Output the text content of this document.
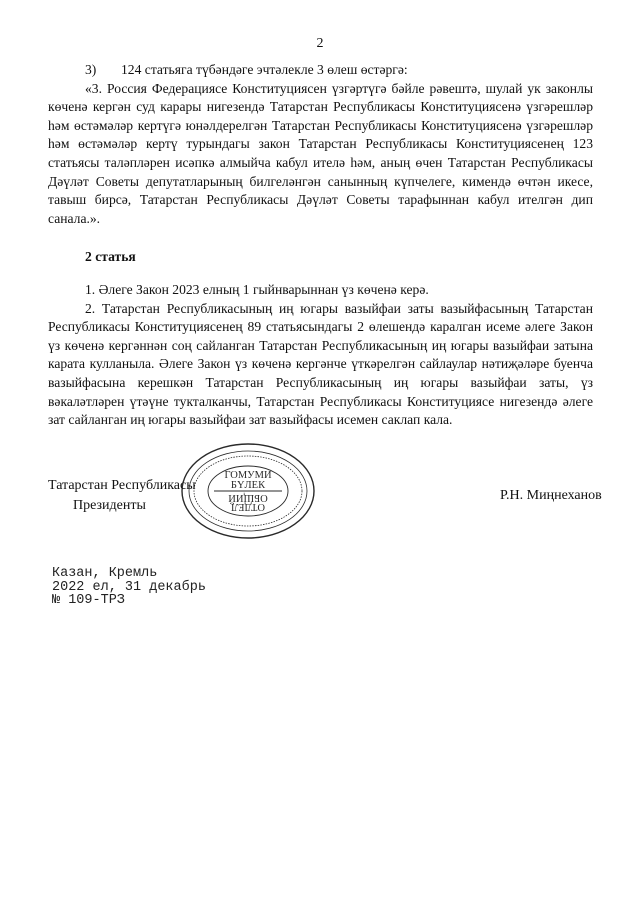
2

3) 124 статьяга түбәндәге эчтәлекле 3 өлеш өстәргә:

«3. Россия Федерациясе Конституциясен үзгәртүгә бәйле рәвештә, шулай ук законлы көченә кергән суд карары нигезендә Татарстан Республикасы Конституциясенә үзгәрешләр һәм өстәмәләр кертүгә юнәлдерелгән Татарстан Республикасы Конституциясенә үзгәрешләр һәм өстәмәләр кертү турындагы закон Татарстан Республикасы Конституциясенең 123 статьясы таләпләрен исәпкә алмыйча кабул ителә һәм, аның өчен Татарстан Республикасы Дәүләт Советы депутатларының билгеләнгән санынның күпчелеге, кимендә өчтән икесе, тавыш бирсә, Татарстан Республикасы Дәүләт Советы тарафыннан кабул ителгән дип санала.».

2 статья

1. Әлеге Закон 2023 елның 1 гыйнварыннан үз көченә керә.

2. Татарстан Республикасының иң югары вазыйфаи заты вазыйфасының Татарстан Республикасы Конституциясенең 89 статьясындагы 2 өлешендә каралган исеме әлеге Закон үз көченә кергәннән соң сайланган Татарстан Республикасының иң югары вазыйфаи затына карата кулланыла. Әлеге Закон үз көченә кергәнче үткәрелгән сайлаулар нәтиҗәләре буенча вазыйфасына керешкән Татарстан Республикасының иң югары вазыйфаи заты, үз вәкаләтләрен үтәүне тукталканчы, Татарстан Республикасы Конституциясе нигезендә әлеге зат сайланган иң югары вазыйфаи зат вазыйфасы исемен саклап кала.

ГОМУМИ
БҮЛЕК
ОБЩИЙ
ОТДЕЛ
Татарстан Республикасы
Президенты
Р.Н. Миңнеханов
Казан, Кремль
2022 ел, 31 декабрь
№ 109-ТРЗ
